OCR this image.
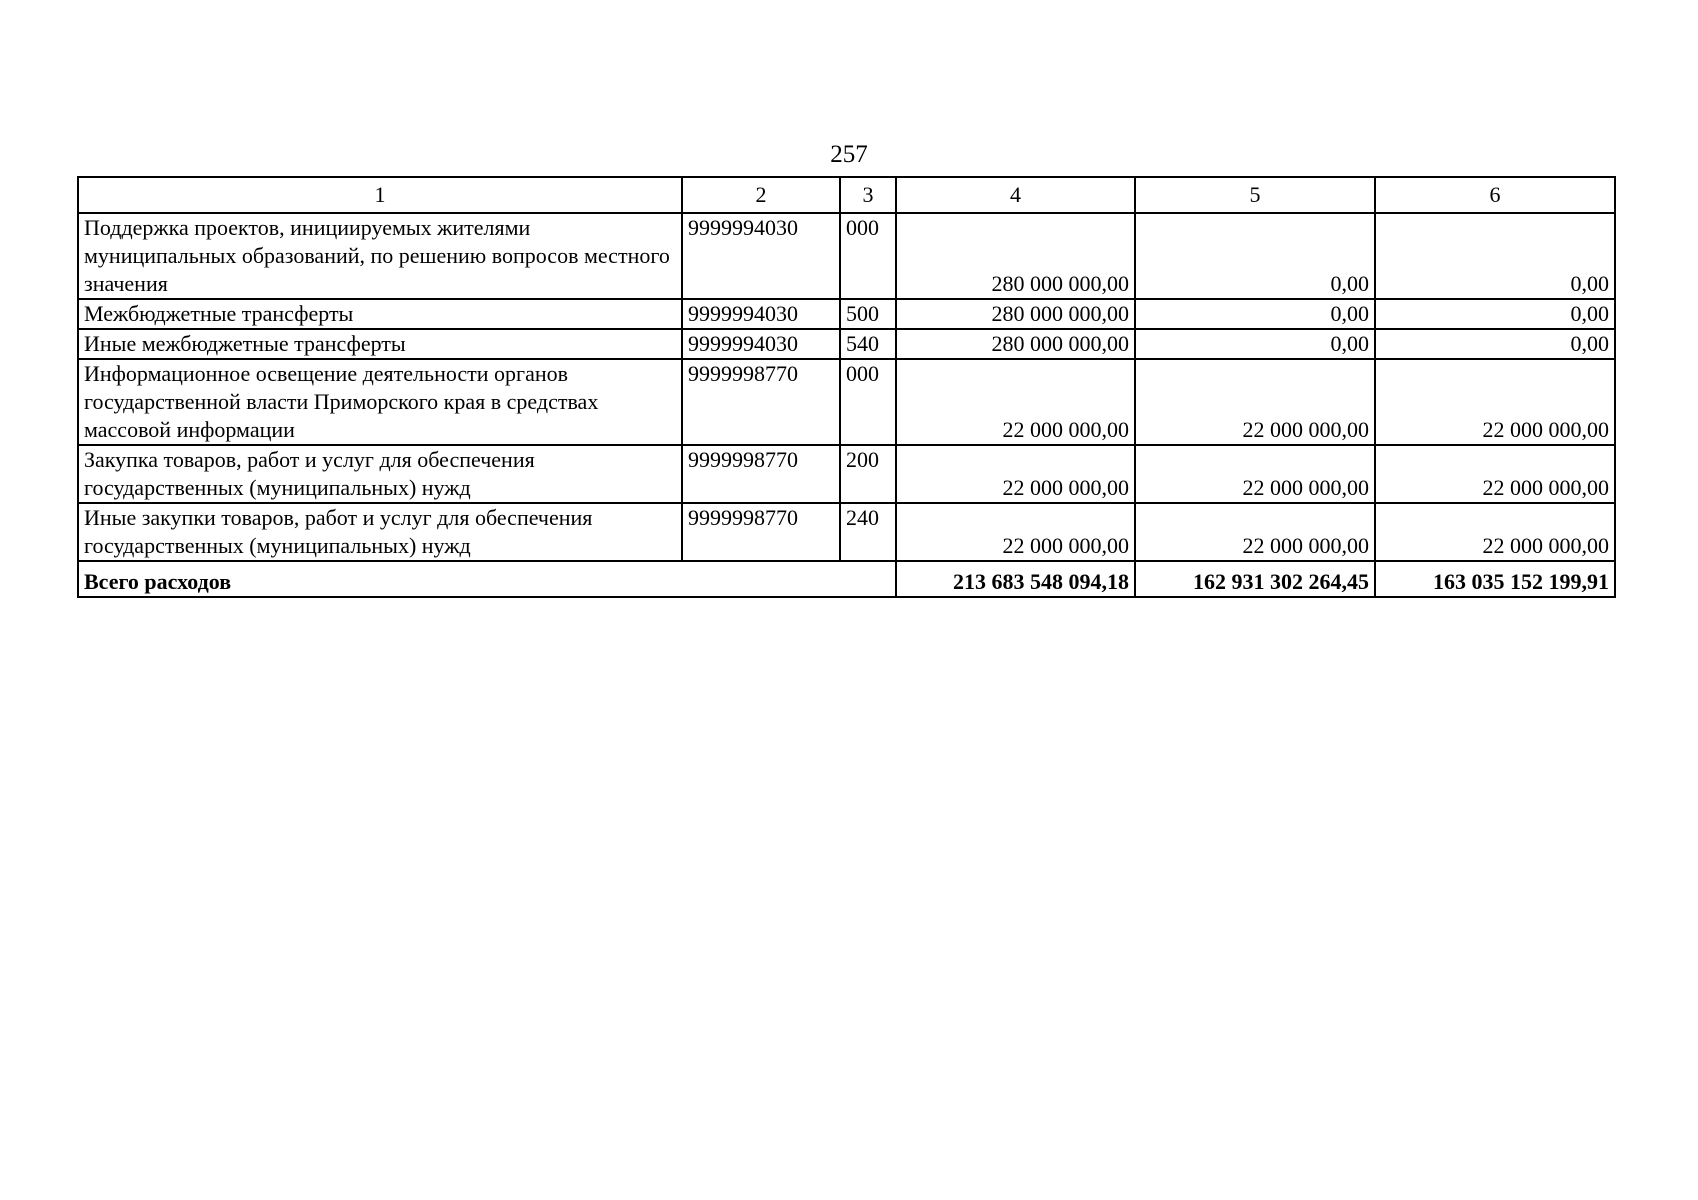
257
1	2	3	4	5	6
Поддержка проектов, инициируемых жителями муниципальных образований, по решению вопросов местного значения	9999994030	000	280 000 000,00	0,00	0,00
Межбюджетные трансферты	9999994030	500	280 000 000,00	0,00	0,00
Иные межбюджетные трансферты	9999994030	540	280 000 000,00	0,00	0,00
Информационное освещение деятельности органов государственной власти Приморского края в средствах массовой информации	9999998770	000	22 000 000,00	22 000 000,00	22 000 000,00
Закупка товаров, работ и услуг для обеспечения государственных (муниципальных) нужд	9999998770	200	22 000 000,00	22 000 000,00	22 000 000,00
Иные закупки товаров, работ и услуг для обеспечения государственных (муниципальных) нужд	9999998770	240	22 000 000,00	22 000 000,00	22 000 000,00
Всего расходов			213 683 548 094,18	162 931 302 264,45	163 035 152 199,91
